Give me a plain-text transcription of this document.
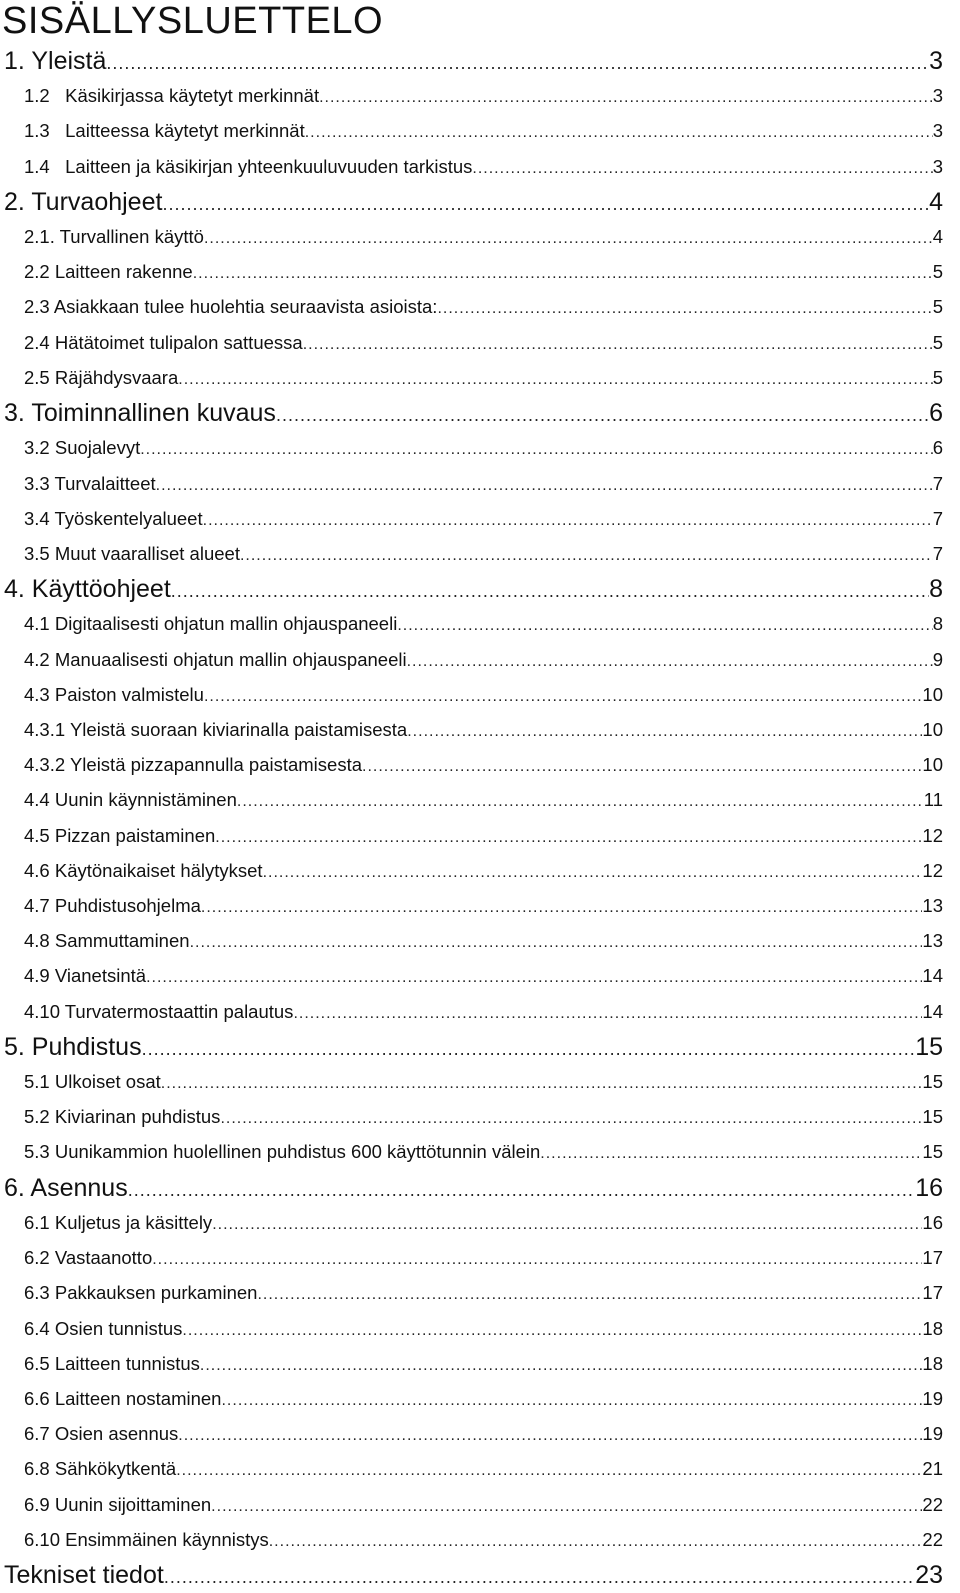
SISÄLLYSLUETTELO
1. Yleistä .....	3
1.2   Käsikirjassa käytetyt merkinnät .....	3
1.3   Laitteessa käytetyt merkinnät .....	3
1.4   Laitteen ja käsikirjan yhteenkuuluvuuden tarkistus .....	3
2. Turvaohjeet .....	4
2.1. Turvallinen käyttö .....	4
2.2 Laitteen rakenne .....	5
2.3 Asiakkaan tulee huolehtia seuraavista asioista: .....	5
2.4 Hätätoimet tulipalon sattuessa .....	5
2.5 Räjähdysvaara .....	5
3. Toiminnallinen kuvaus .....	6
3.2 Suojalevyt .....	6
3.3 Turvalaitteet .....	7
3.4 Työskentelyalueet .....	7
3.5 Muut vaaralliset alueet .....	7
4. Käyttöohjeet .....	8
4.1 Digitaalisesti ohjatun mallin ohjauspaneeli .....	8
4.2 Manuaalisesti ohjatun mallin ohjauspaneeli .....	9
4.3 Paiston valmistelu .....	10
4.3.1 Yleistä suoraan kiviarinalla paistamisesta .....	10
4.3.2 Yleistä pizzapannulla paistamisesta .....	10
4.4 Uunin käynnistäminen .....	11
4.5 Pizzan paistaminen .....	12
4.6 Käytönaikaiset hälytykset .....	12
4.7 Puhdistusohjelma .....	13
4.8 Sammuttaminen .....	13
4.9 Vianetsintä .....	14
4.10 Turvatermostaattin palautus .....	14
5. Puhdistus .....	15
5.1 Ulkoiset osat .....	15
5.2 Kiviarinan puhdistus .....	15
5.3 Uunikammion huolellinen puhdistus 600 käyttötunnin välein .....	15
6. Asennus .....	16
6.1 Kuljetus ja käsittely .....	16
6.2 Vastaanotto .....	17
6.3 Pakkauksen purkaminen .....	17
6.4 Osien tunnistus .....	18
6.5 Laitteen tunnistus .....	18
6.6 Laitteen nostaminen .....	19
6.7 Osien asennus .....	19
6.8 Sähkökytkentä .....	21
6.9 Uunin sijoittaminen .....	22
6.10 Ensimmäinen käynnistys .....	22
Tekniset tiedot .....	23
